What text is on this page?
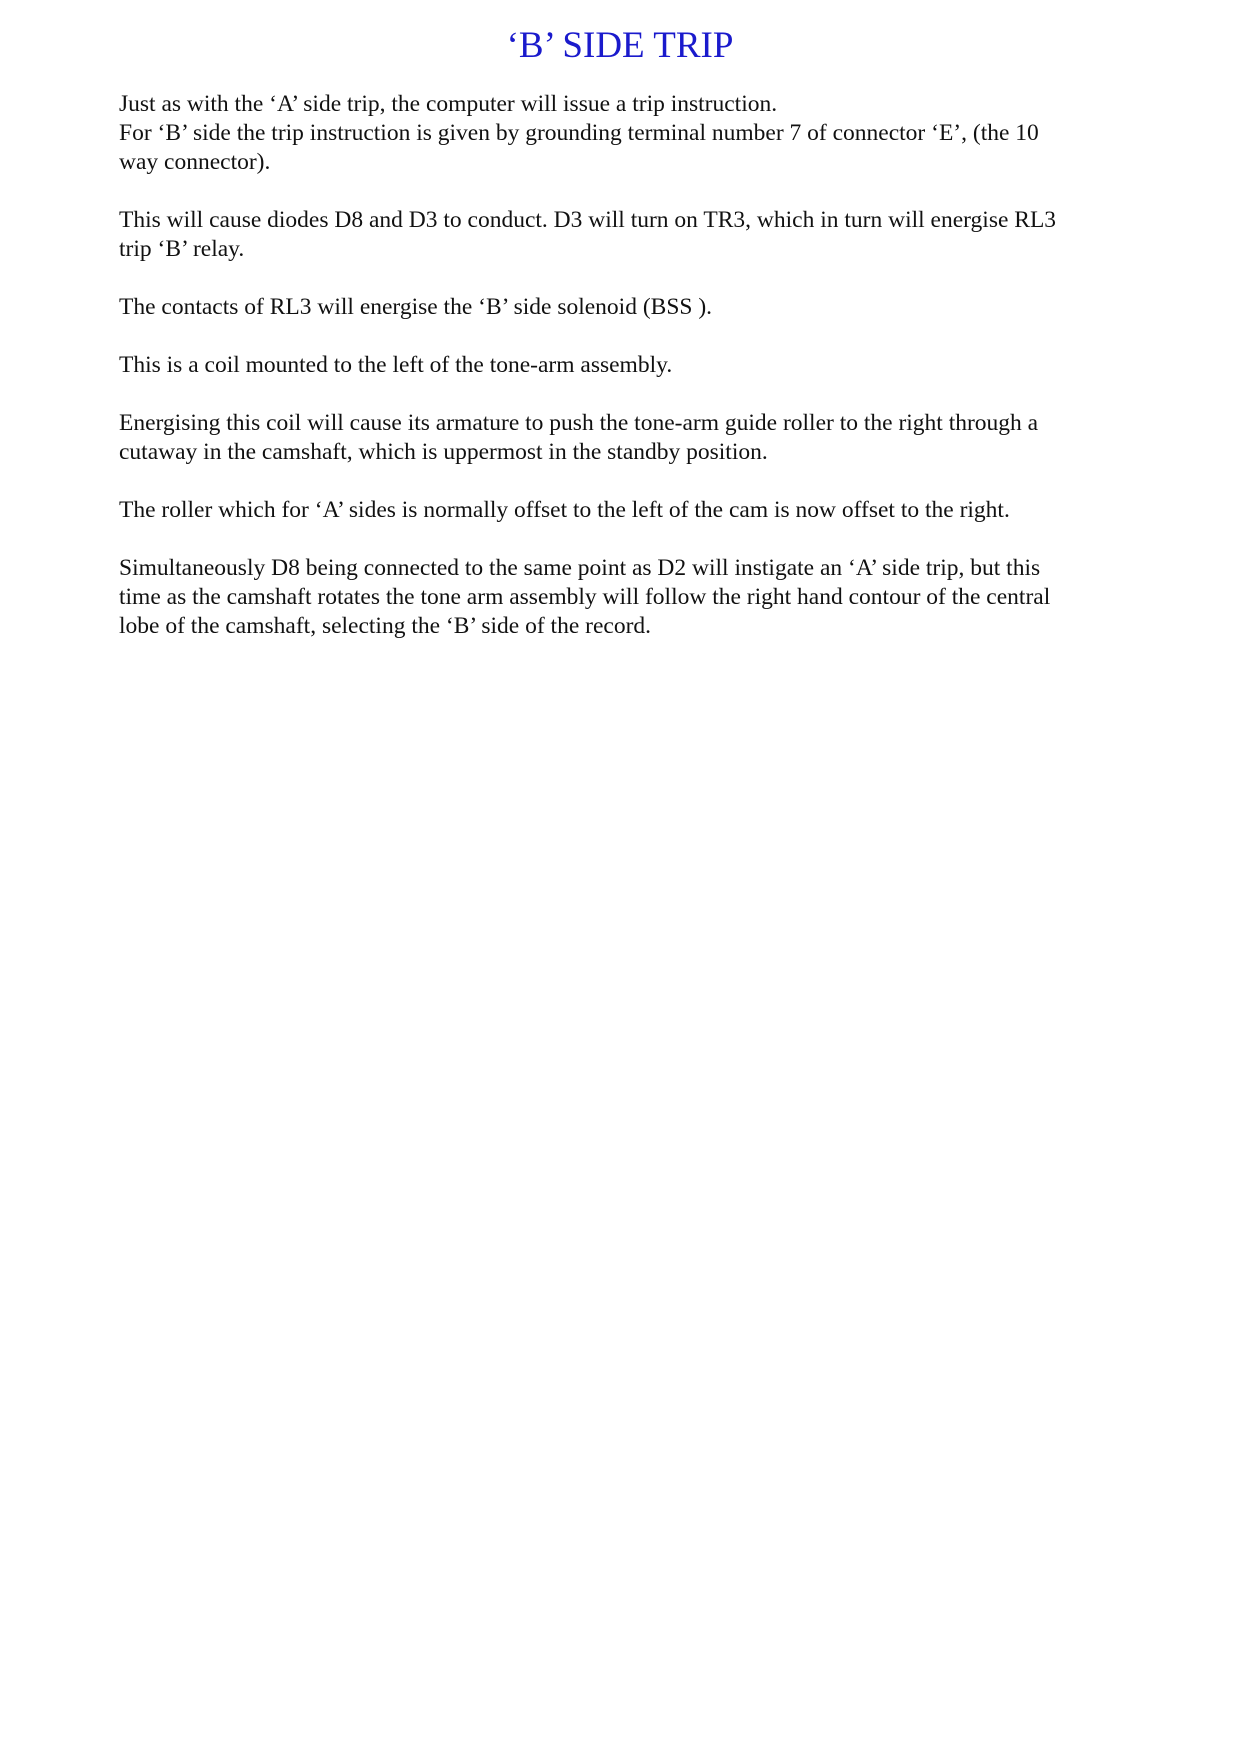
‘B’ SIDE TRIP

Just as with the ‘A’ side trip, the computer will issue a trip instruction.
For ‘B’ side the trip instruction is given by grounding terminal number 7 of connector ‘E’, (the 10
way connector).

This will cause diodes D8 and D3 to conduct. D3 will turn on TR3, which in turn will energise RL3
trip ‘B’ relay.

The contacts of RL3 will energise the ‘B’ side solenoid (BSS ).

This is a coil mounted to the left of the tone-arm assembly.

Energising this coil will cause its armature to push the tone-arm guide roller to the right through a
cutaway in the camshaft, which is uppermost in the standby position.

The roller which for ‘A’ sides is normally offset to the left of the cam is now offset to the right.

Simultaneously D8 being connected to the same point as D2 will instigate an ‘A’ side trip, but this
time as the camshaft rotates the tone arm assembly will follow the right hand contour of the central
lobe of the camshaft, selecting the ‘B’ side of the record.
